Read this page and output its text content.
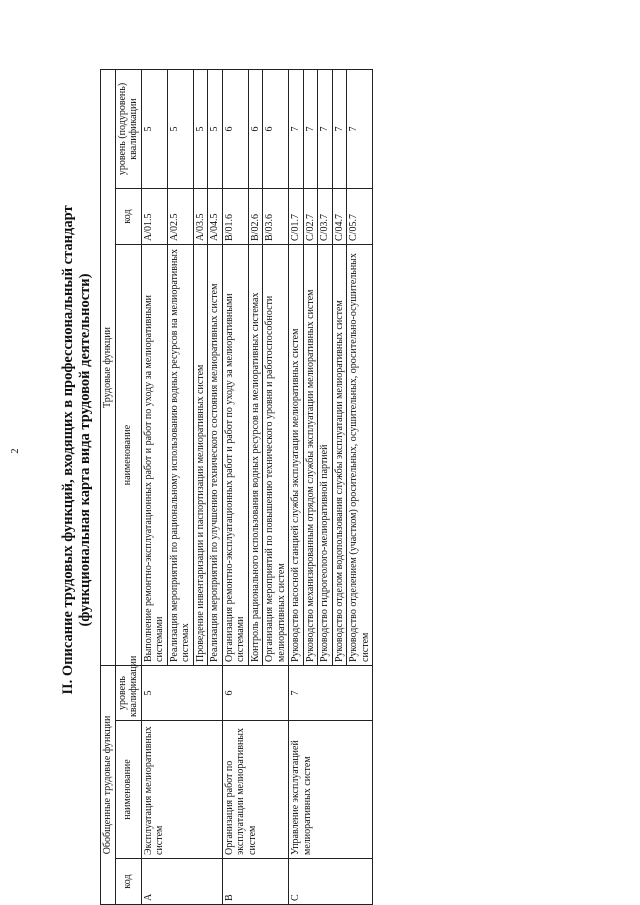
2	II. Описание трудовых функций, входящих в профессиональный стандарт (функциональная карта вида трудовой деятельности)
Обобщенные трудовые функции			Трудовые функции		
код	наименование	уровень квалификации	наименование	код	уровень (подуровень) квалификации
A	Эксплуатация мелиоративных систем	5	Выполнение ремонтно-эксплуатационных работ и работ по уходу за мелиоративными системами	A/01.5	5
			Реализация мероприятий по рациональному использованию водных ресурсов на мелиоративных системах	A/02.5	5
			Проведение инвентаризации и паспортизации мелиоративных систем	A/03.5	5
			Реализация мероприятий по улучшению технического состояния мелиоративных систем	A/04.5	5
B	Организация работ по эксплуатации мелиоративных систем	6	Организация ремонтно-эксплуатационных работ и работ по уходу за мелиоративными системами	B/01.6	6
			Контроль рационального использования водных ресурсов на мелиоративных системах	B/02.6	6
			Организация мероприятий по повышению технического уровня и работоспособности мелиоративных систем	B/03.6	6
C	Управление эксплуатацией мелиоративных систем	7	Руководство насосной станцией службы эксплуатации мелиоративных систем	C/01.7	7
			Руководство механизированным отрядом службы эксплуатации мелиоративных систем	C/02.7	7
			Руководство гидрогеолого-мелиоративной партией	C/03.7	7
			Руководство отделом водопользования службы эксплуатации мелиоративных систем	C/04.7	7
			Руководство отделением (участком) оросительных, осушительных, оросительно-осушительных систем	C/05.7	7
